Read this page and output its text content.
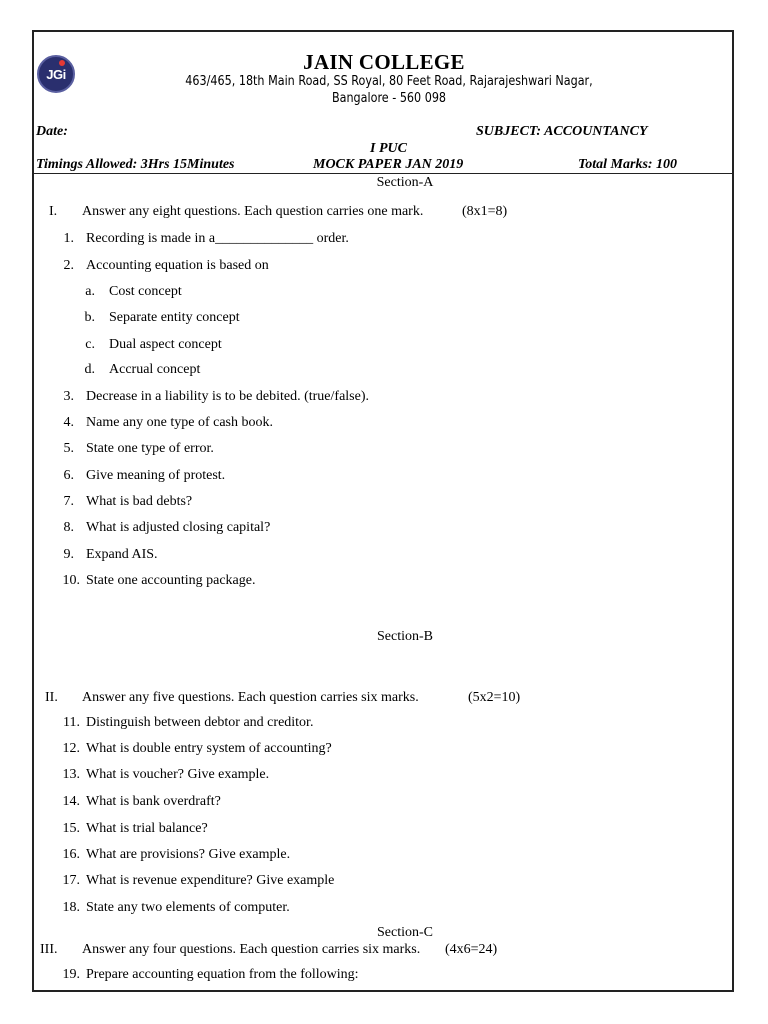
JGi	JAIN COLLEGE
463/465, 18th Main Road, SS Royal, 80 Feet Road, Rajarajeshwari Nagar,
Bangalore - 560 098
Date:	SUBJECT: ACCOUNTANCY
I PUC
Timings Allowed: 3Hrs 15Minutes	MOCK PAPER JAN 2019	Total Marks: 100
Section-A
I. Answer any eight questions. Each question carries one mark.	(8x1=8)
1. Recording is made in a______________ order.
2. Accounting equation is based on
a. Cost concept
b. Separate entity concept
c. Dual aspect concept
d. Accrual concept
3. Decrease in a liability is to be debited. (true/false).
4. Name any one type of cash book.
5. State one type of error.
6. Give meaning of protest.
7. What is bad debts?
8. What is adjusted closing capital?
9. Expand AIS.
10. State one accounting package.
Section-B
II. Answer any five questions. Each question carries six marks.	(5x2=10)
11. Distinguish between debtor and creditor.
12. What is double entry system of accounting?
13. What is voucher? Give example.
14. What is bank overdraft?
15. What is trial balance?
16. What are provisions? Give example.
17. What is revenue expenditure? Give example
18. State any two elements of computer.
Section-C
III. Answer any four questions. Each question carries six marks. (4x6=24)
19. Prepare accounting equation from the following:
